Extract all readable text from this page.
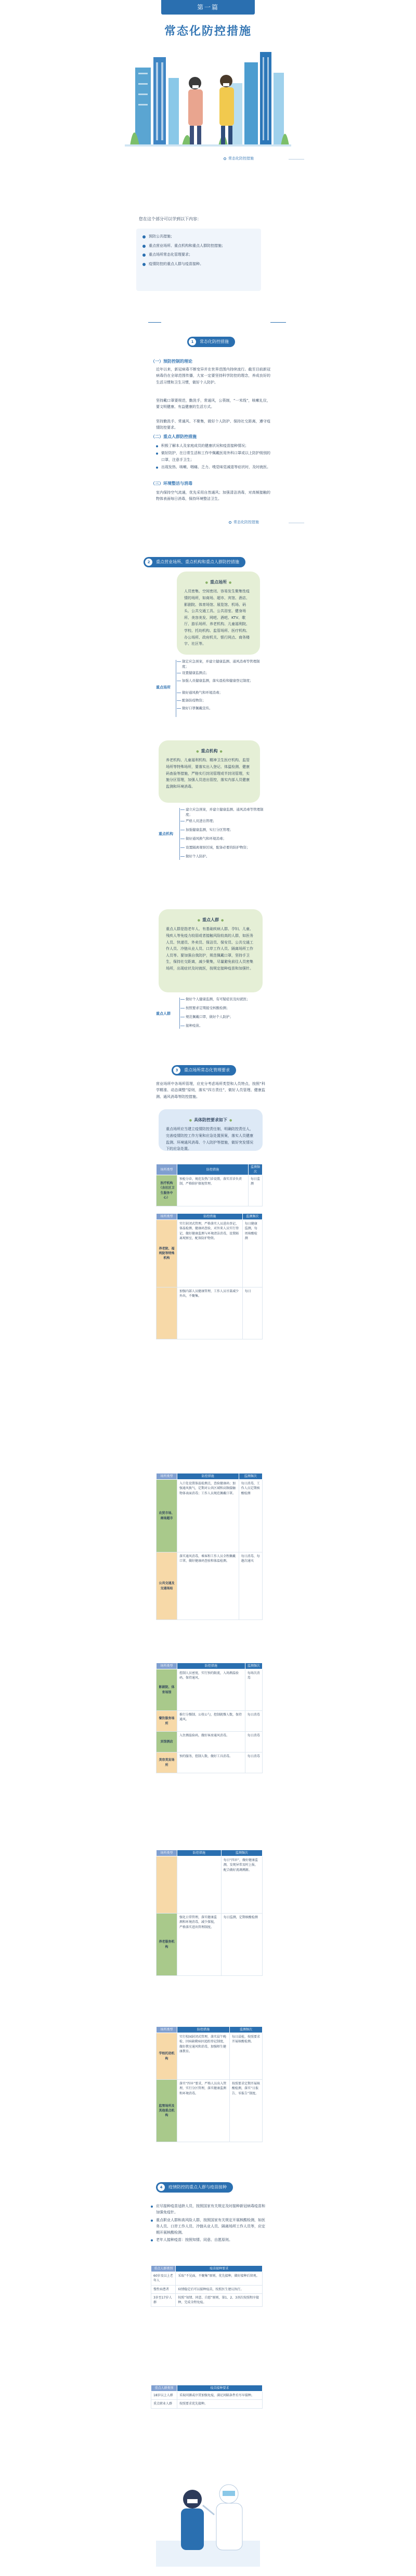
第一篇
常态化防控措施
常态化防控措施
您在这个部分可以学到以下内容：
预防公共措施；
重点营业场所、重点机构和重点人群防控措施；
重点场所常态化管理要求；
疫情防控的重点人群与疫苗接种。
1	常态化防控措施
（一）预防控制的理论
近年以来，新冠病毒不断变异并在世界范围内持续流行。截至目前新冠病毒仍在全球范围传播，大家一定要坚持科学防控的理念，养成良好的生活习惯和卫生习惯，做好个人防护。
坚持戴口罩要规范，勤洗手，常通风，公筷制，“一米线”，咳嗽礼仪，要文明健康、有益健康的生活方式。
坚持勤洗手、常通风、不聚集，做好个人防护、保持社交距离，遵守疫情防控要求。
（二）重点人群防控措施
积极了解本人及家庭成员的健康状况和疫苗接种情况；
做好防护，在日常生活和工作中佩戴医用外科口罩或以上防护级别的口罩，注意手卫生；
出现发热、咳嗽、咽痛、乏力、嗅觉味觉减退等症状时，及时就医。
（三）环境整洁与消毒
室内保持空气流通，优先采用自然通风；加强清洁消毒，对高频接触的物体表面每日消毒，保持环境整洁卫生。
常态化防控措施
2	重点营业场所、重点机构和重点人群防控措施
● 重点场所 ●
人员密集、空间密闭、容易发生聚集性疫情的场所，如商场、超市、宾馆、酒店、影剧院、体育场馆、展览馆、机场、码头、公共交通工具、公共浴室、健身场所、美容美发、网吧、酒吧、KTV、歌厅、游乐场所、养老机构、儿童福利院、学校、托幼机构、监管场所、医疗机构、办公场所、政府机关、银行网点、商务楼宇、社区等。
重点场所
制定应急预案，并建立健康监测、通风消毒等管理制度；
设置健康监测点；
加强人员健康监测，落实晨检和健康登记制度；
做好通风换气和环境消毒；
配备防疫物资；
做好口罩佩戴宣传。
● 重点机构 ●
养老机构、儿童福利机构、精神卫生医疗机构、监管场所等特殊场所，要落实出入登记、体温检测、健康码查验等措施，严格实行封闭管理或半封闭管理，实施分区管理，加强人员进出管控，落实内部人员健康监测和环境消毒。
重点机构
建立应急预案，并建立健康监测、通风消毒等管理制度；
严格人员进出管理；
加强健康监测，实行分区管理；
做好通风换气和环境消毒；
设置隔离观察区域，配备必要的防护物资；
做好个人防护。
● 重点人群 ●
重点人群是指老年人、有基础疾病人群、孕妇、儿童、残疾人等免疫力较弱或者接触风险较高的人群，如医务人员、快递员、外卖员、保洁员、保安员、公共交通工作人员、冷链从业人员、口岸工作人员、隔离场所工作人员等。要加强自我防护，规范佩戴口罩，坚持手卫生，保持社交距离，减少聚集，尽量避免前往人员密集场所，出现症状及时就医，按规定接种疫苗和加强针。
重点人群
做好个人健康监测，有可疑症状及时就医；
按照要求定期接受核酸检测；
规范佩戴口罩，做好个人防护；
接种疫苗。
3	重点场所常态化管理要求
营业场所中各场所管理，应充分考虑场所类型和人员特点，按照“科学精准、动态调整”原则，落实“四方责任”，做好人员管理、健康监测、通风消毒等防控措施。
● 具体防控要求如下 ●
重点场所应当建立疫情防控责任制，明确防控责任人，完善疫情防控工作方案和应急处置预案，落实人员健康监测、环境通风消毒、个人防护等措施，做好突发情况下的应急处置。
场所类型	防控措施	监测频次
医疗机构（含社区卫生服务中心）	预检分诊，规范发热门诊设置，落实首诊负责制，严格陪护探视管理。	每日监测
场所类型	防控措施	监测频次
养老院、福利院等特殊机构	实行封闭式管理，严格落实人员进出登记、体温检测、健康码查验，对外来人员实行登记，做好健康监测与环境清洁消毒，设置隔离观察室，配备防护物资。	每日健康监测，每周核酸检测
	加强内部人员健康管理，工作人员尽量减少外出，不聚集。	每日
场所类型	防控措施	监测频次
农贸市场、商场超市	入口处设置体温检测点，查验健康码；加强通风换气，定期对公共区域和高频接触物体表面消毒；工作人员规范佩戴口罩。	每日消毒，工作人员定期核酸检测
公共交通及交通场站	落实通风消毒，乘客和工作人员全程佩戴口罩，做好健康码查验和体温检测。	每日消毒，每趟次通风
场所类型	防控措施	监测频次
影剧院、体育场馆	控制人员密度，实行预约限流，入场测温验码，保持通风。	每场次消毒
餐饮服务场所	推行分餐制、公筷公勺，控制就餐人数，保持通风。	每日消毒
宾馆酒店	入住测温验码，做好客房通风消毒。	每日消毒
美容美发场所	预约服务，控制人数，做好工具消毒。	每日消毒
场所类型	防控措施	监测频次
		每日“四早”，做好健康监测，发现异常及时上报，配合做好流调溯源。
养老服务机构	强化日常管理，落实健康监测和环境消毒，减少探视，严格落实进出管理制度。	每日监测，定期核酸检测
场所类型	防控措施	监测频次
学校托幼机构	实行校园封闭式管理，落实晨午晚检、因病缺勤病因追踪登记制度，做好教室通风和消毒，加强师生健康教育。	每日晨检，按照要求开展核酸检测。
监管场所及其他重点机构	落实“四早”要求，严格人员出入管理，实行分区管理，落实健康监测和环境消毒。	按照要求定期开展核酸检测，落实“日报告、零报告”制度。
4	疫情防控的重点人群与疫苗接种
应尽接种疫苗适龄人员，按照国家有关规定及时接种新冠病毒疫苗和加强免疫针。
重点职业人群和高风险人群，按照国家有关规定开展核酸检测，如医务人员、口岸工作人员、冷链从业人员、隔离场所工作人员等，应定期开展核酸检测。
老年人接种疫苗：按照知情、同意、自愿原则。
重点人群类别	疫苗接种要求
60岁及以上老年人	采取“不见面，不聚集”原则，优先接种，做好接种后留观。
慢性病患者	病情稳定后可以接种疫苗，按照医生建议执行。
3岁至17岁人群	按照“知情、同意、自愿”原则，第1、2、3剂次按照程序接种，完成全程免疫。
重点人群类别	疫苗接种要求
18岁以上人群	采取同源或序贯加强免疫，满足间隔条件后尽早接种。
重点职业人群	按照要求优先接种。
